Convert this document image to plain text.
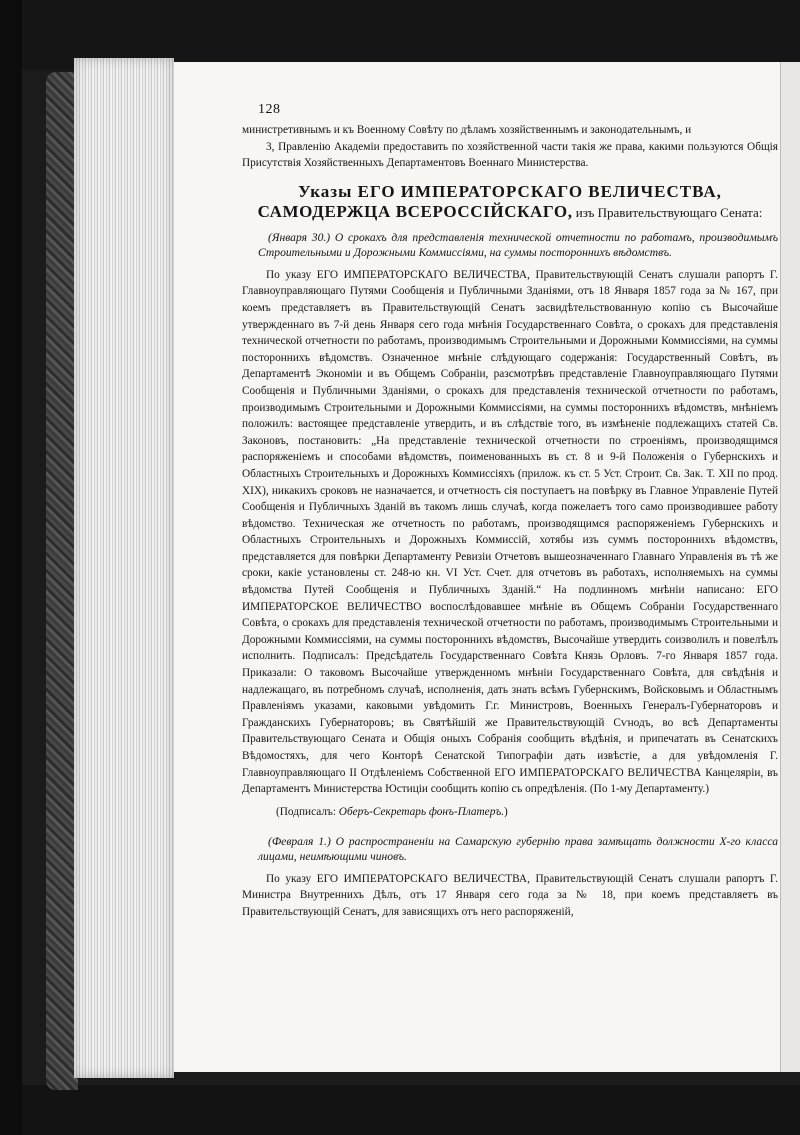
128

министретивнымъ и къ Военному Совѣту по дѣламъ хозяйственнымъ и законодательнымъ, и

3, Правленію Академіи предоставить по хозяйственной части такія же права, какими пользуются Общія Присутствія Хозяйственныхъ Департаментовъ Военнаго Министерства.

Указы ЕГО ИМПЕРАТОРСКАГО ВЕЛИЧЕСТВА,
САМОДЕРЖЦА ВСЕРОССІЙСКАГО, изъ Правительствующаго Сената:
(Января 30.) О срокахъ для представленія технической отчетности по работамъ, производимымъ Строительными и Дорожными Коммиссіями, на суммы постороннихъ вѣдомствъ.

По указу ЕГО ИМПЕРАТОРСКАГО ВЕЛИЧЕСТВА, Правительствующій Сенатъ слушали рапортъ Г. Главноуправляющаго Путями Сообщенія и Публичными Зданіями, отъ 18 Января 1857 года за № 167, при коемъ представляетъ въ Правительствующій Сенатъ засвидѣтельствованную копію съ Высочайше утвержденнаго въ 7-й день Января сего года мнѣнія Государственнаго Совѣта, о срокахъ для представленія технической отчетности по работамъ, производимымъ Строительными и Дорожными Коммиссіями, на суммы постороннихъ вѣдомствъ. Означенное мнѣніе слѣдующаго содержанія: Государственный Совѣтъ, въ Департаментѣ Экономіи и въ Общемъ Собраніи, разсмотрѣвъ представленіе Главноуправляющаго Путями Сообщенія и Публичными Зданіями, о срокахъ для представленія технической отчетности по работамъ, производимымъ Строительными и Дорожными Коммиссіями, на суммы постороннихъ вѣдомствъ, мнѣніемъ положилъ: вастоящее представленіе утвердить, и въ слѣдствіе того, въ измѣненіе подлежащихъ статей Св. Законовъ, постановить: „На представленіе технической отчетности по строеніямъ, производящимся распоряженіемъ и способами вѣдомствъ, поименованныхъ въ ст. 8 и 9-й Положенія о Губернскихъ и Областныхъ Строительныхъ и Дорожныхъ Коммиссіяхъ (прилож. къ ст. 5 Уст. Строит. Св. Зак. Т. XII по прод. XIX), никакихъ сроковъ не назначается, и отчетность сія поступаетъ на повѣрку въ Главное Управленіе Путей Сообщенія и Публичныхъ Зданій въ такомъ лишь случаѣ, когда пожелаетъ того само производившее работу вѣдомство. Техническая же отчетность по работамъ, производящимся распоряженіемъ Губернскихъ и Областныхъ Строительныхъ и Дорожныхъ Коммиссій, хотябы изъ суммъ постороннихъ вѣдомствъ, представляется для повѣрки Департаменту Ревизіи Отчетовъ вышеозначеннаго Главнаго Управленія въ тѣ же сроки, какіе установлены ст. 248-ю кн. VI Уст. Счет. для отчетовъ въ работахъ, исполняемыхъ на суммы вѣдомства Путей Сообщенія и Публичныхъ Зданій.“ На подлинномъ мнѣніи написано: ЕГО ИМПЕРАТОРСКОЕ ВЕЛИЧЕСТВО воспослѣдовавшее мнѣніе въ Общемъ Собраніи Государственнаго Совѣта, о срокахъ для представленія технической отчетности по работамъ, производимымъ Строительными и Дорожными Коммиссіями, на суммы постороннихъ вѣдомствъ, Высочайше утвердить соизволилъ и повелѣлъ исполнить. Подписалъ: Предсѣдатель Государственнаго Совѣта Князь Орловъ. 7-го Января 1857 года. Приказали: О таковомъ Высочайше утвержденномъ мнѣніи Государственнаго Совѣта, для свѣдѣнія и надлежащаго, въ потребномъ случаѣ, исполненія, дать знать всѣмъ Губернскимъ, Войсковымъ и Областнымъ Правленіямъ указами, каковыми увѣдомить Г.г. Министровъ, Военныхъ Генералъ-Губернаторовъ и Гражданскихъ Губернаторовъ; въ Святѣйшій же Правительствующій Сѵнодъ, во всѣ Департаменты Правительствующаго Сената и Общія оныхъ Собранія сообщить вѣдѣнія, и припечатать въ Сенатскихъ Вѣдомостяхъ, для чего Конторѣ Сенатской Типографіи дать извѣстіе, а для увѣдомленія Г. Главноуправляющаго II Отдѣленіемъ Собственной ЕГО ИМПЕРАТОРСКАГО ВЕЛИЧЕСТВА Канцеляріи, въ Департаментъ Министерства Юстиціи сообщить копію съ опредѣленія. (По 1-му Департаменту.)

(Подписалъ: Оберъ-Секретарь фонъ-Платеръ.)
(Февраля 1.) О распространеніи на Самарскую губернію права замѣщать должности Х-го класса лицами, неимѣющими чиновъ.

По указу ЕГО ИМПЕРАТОРСКАГО ВЕЛИЧЕСТВА, Правительствующій Сенатъ слушали рапортъ Г. Министра Внутреннихъ Дѣлъ, отъ 17 Января сего года за № 18, при коемъ представляетъ въ Правительствующій Сенатъ, для зависящихъ отъ него распоряженій,
